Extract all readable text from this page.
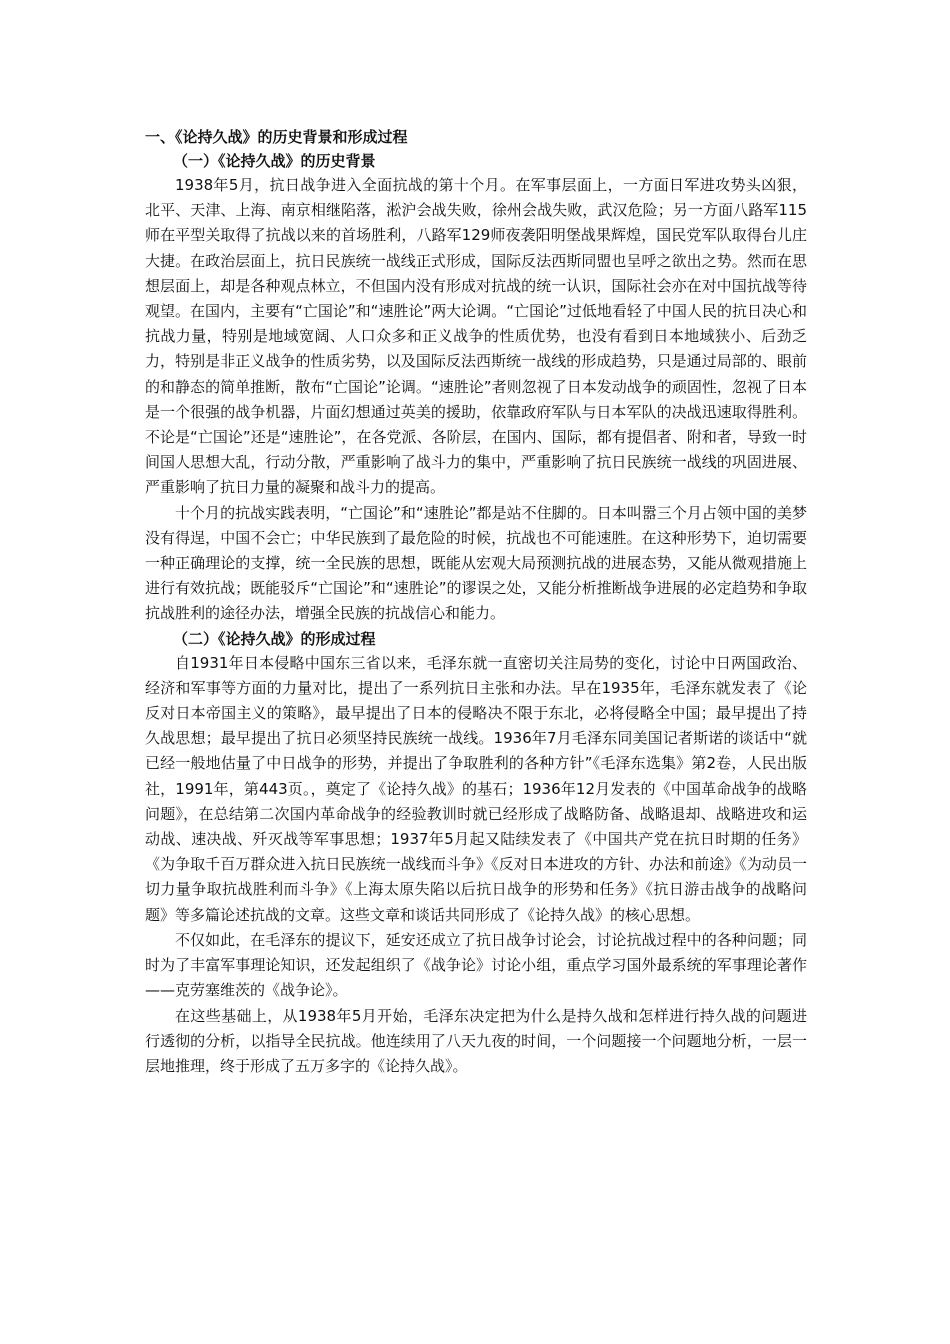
一、《论持久战》的历史背景和形成过程

（一）《论持久战》的历史背景

1938年5月，抗日战争进入全面抗战的第十个月。在军事层面上，一方面日军进攻势头凶狠，北平、天津、上海、南京相继陷落，淞沪会战失败，徐州会战失败，武汉危险；另一方面八路军115师在平型关取得了抗战以来的首场胜利，八路军129师夜袭阳明堡战果辉煌，国民党军队取得台儿庄大捷。在政治层面上，抗日民族统一战线正式形成，国际反法西斯同盟也呈呼之欲出之势。然而在思想层面上，却是各种观点林立，不但国内没有形成对抗战的统一认识，国际社会亦在对中国抗战等待观望。在国内，主要有“亡国论”和“速胜论”两大论调。“亡国论”过低地看轻了中国人民的抗日决心和抗战力量，特别是地域宽阔、人口众多和正义战争的性质优势，也没有看到日本地域狭小、后劲乏力，特别是非正义战争的性质劣势，以及国际反法西斯统一战线的形成趋势，只是通过局部的、眼前的和静态的简单推断，散布“亡国论”论调。“速胜论”者则忽视了日本发动战争的顽固性，忽视了日本是一个很强的战争机器，片面幻想通过英美的援助，依靠政府军队与日本军队的决战迅速取得胜利。不论是“亡国论”还是“速胜论”，在各党派、各阶层，在国内、国际，都有提倡者、附和者，导致一时间国人思想大乱，行动分散，严重影响了战斗力的集中，严重影响了抗日民族统一战线的巩固进展、严重影响了抗日力量的凝聚和战斗力的提高。

十个月的抗战实践表明，“亡国论”和“速胜论”都是站不住脚的。日本叫嚣三个月占领中国的美梦没有得逞，中国不会亡；中华民族到了最危险的时候，抗战也不可能速胜。在这种形势下，迫切需要一种正确理论的支撑，统一全民族的思想，既能从宏观大局预测抗战的进展态势，又能从微观措施上进行有效抗战；既能驳斥“亡国论”和“速胜论”的谬误之处，又能分析推断战争进展的必定趋势和争取抗战胜利的途径办法，增强全民族的抗战信心和能力。

（二）《论持久战》的形成过程

自1931年日本侵略中国东三省以来，毛泽东就一直密切关注局势的变化，讨论中日两国政治、经济和军事等方面的力量对比，提出了一系列抗日主张和办法。早在1935年，毛泽东就发表了《论反对日本帝国主义的策略》，最早提出了日本的侵略决不限于东北，必将侵略全中国；最早提出了持久战思想；最早提出了抗日必须坚持民族统一战线。1936年7月毛泽东同美国记者斯诺的谈话中“就已经一般地估量了中日战争的形势，并提出了争取胜利的各种方针”《毛泽东选集》第2卷，人民出版社，1991年，第443页。，奠定了《论持久战》的基石；1936年12月发表的《中国革命战争的战略问题》，在总结第二次国内革命战争的经验教训时就已经形成了战略防备、战略退却、战略进攻和运动战、速决战、歼灭战等军事思想；1937年5月起又陆续发表了《中国共产党在抗日时期的任务》《为争取千百万群众进入抗日民族统一战线而斗争》《反对日本进攻的方针、办法和前途》《为动员一切力量争取抗战胜利而斗争》《上海太原失陷以后抗日战争的形势和任务》《抗日游击战争的战略问题》等多篇论述抗战的文章。这些文章和谈话共同形成了《论持久战》的核心思想。

不仅如此，在毛泽东的提议下，延安还成立了抗日战争讨论会，讨论抗战过程中的各种问题；同时为了丰富军事理论知识，还发起组织了《战争论》讨论小组，重点学习国外最系统的军事理论著作——克劳塞维茨的《战争论》。

在这些基础上，从1938年5月开始，毛泽东决定把为什么是持久战和怎样进行持久战的问题进行透彻的分析，以指导全民抗战。他连续用了八天九夜的时间，一个问题接一个问题地分析，一层一层地推理，终于形成了五万多字的《论持久战》。
